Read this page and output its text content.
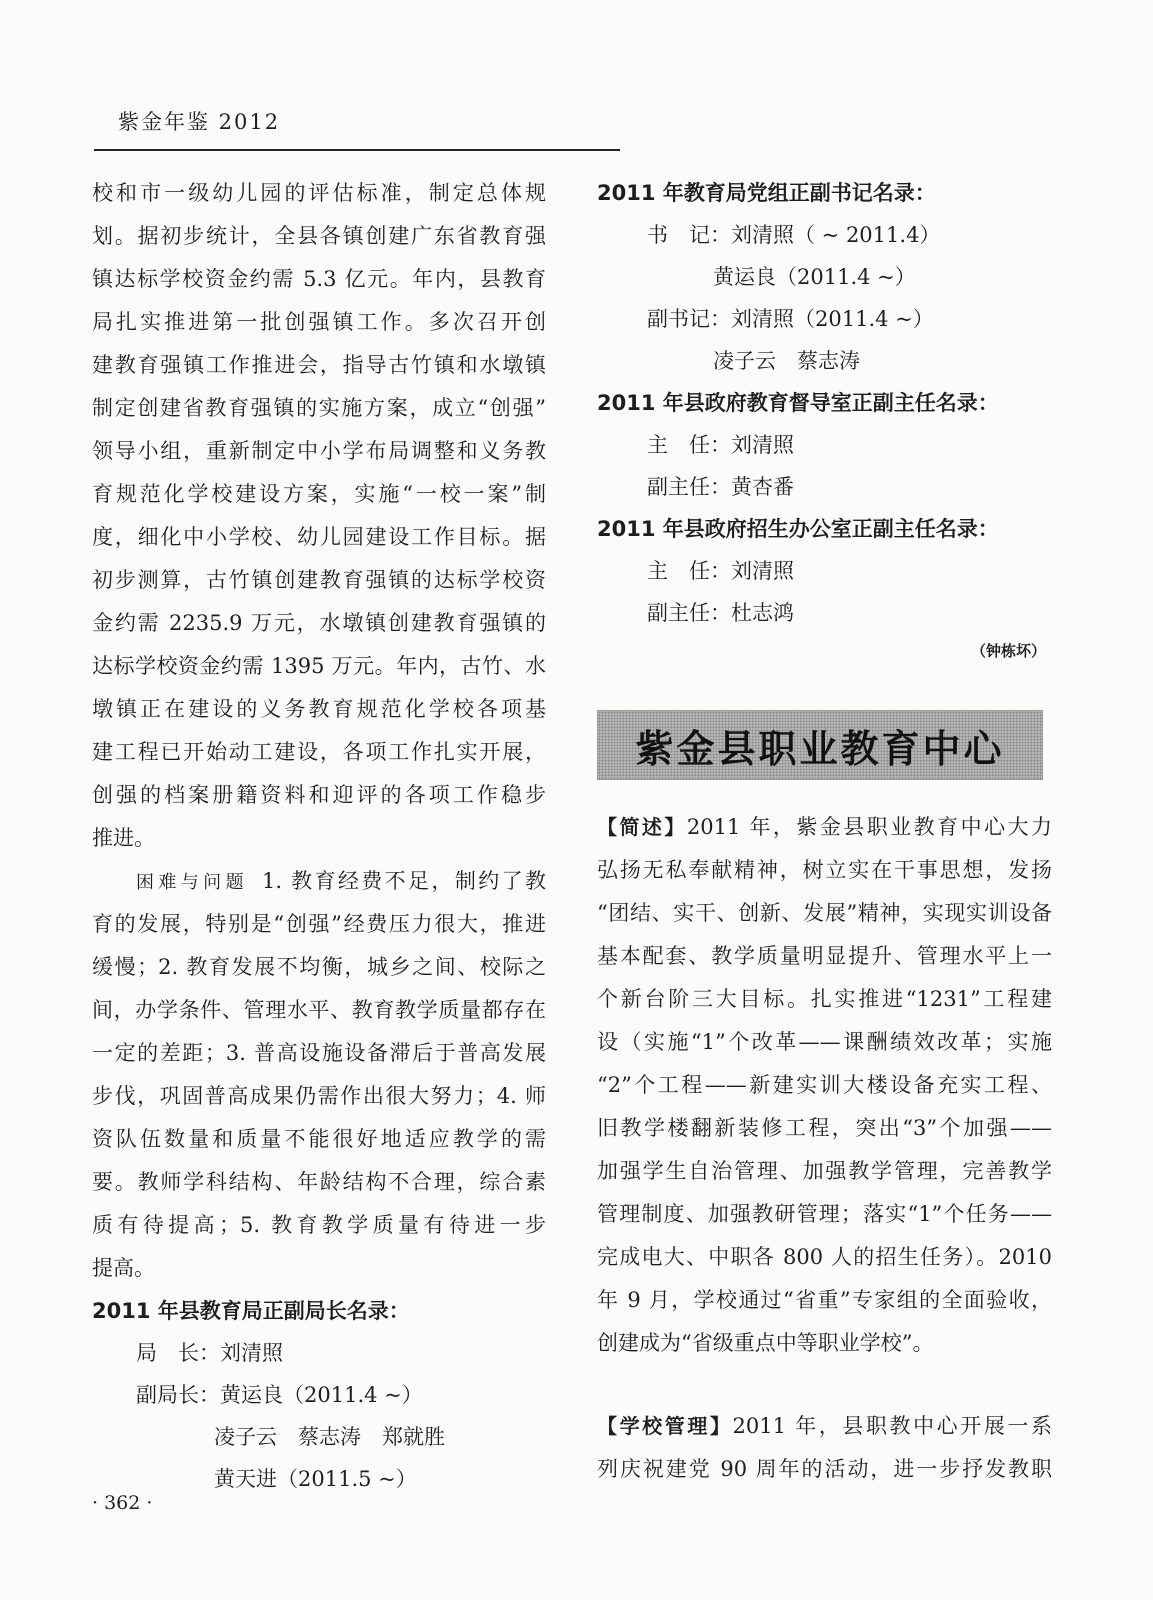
紫金年鉴 2012
校和市一级幼儿园的评估标准，制定总体规
划。据初步统计，全县各镇创建广东省教育强
镇达标学校资金约需 5.3 亿元。年内，县教育
局扎实推进第一批创强镇工作。多次召开创
建教育强镇工作推进会，指导古竹镇和水墩镇
制定创建省教育强镇的实施方案，成立“创强”
领导小组，重新制定中小学布局调整和义务教
育规范化学校建设方案，实施“一校一案”制
度，细化中小学校、幼儿园建设工作目标。据
初步测算，古竹镇创建教育强镇的达标学校资
金约需 2235.9 万元，水墩镇创建教育强镇的
达标学校资金约需 1395 万元。年内，古竹、水
墩镇正在建设的义务教育规范化学校各项基
建工程已开始动工建设，各项工作扎实开展，
创强的档案册籍资料和迎评的各项工作稳步
推进。
困难与问题 1. 教育经费不足，制约了教
育的发展，特别是“创强”经费压力很大，推进
缓慢；2. 教育发展不均衡，城乡之间、校际之
间，办学条件、管理水平、教育教学质量都存在
一定的差距；3. 普高设施设备滞后于普高发展
步伐，巩固普高成果仍需作出很大努力；4. 师
资队伍数量和质量不能很好地适应教学的需
要。教师学科结构、年龄结构不合理，综合素
质有待提高；5. 教育教学质量有待进一步
提高。
2011 年县教育局正副局长名录：
局　长：刘清照
副局长：黄运良（2011.4 ~）
凌子云　蔡志涛　郑就胜
黄天进（2011.5 ~）
2011 年教育局党组正副书记名录：
书　记：刘清照（ ~ 2011.4）
黄运良（2011.4 ~）
副书记：刘清照（2011.4 ~）
凌子云　蔡志涛
2011 年县政府教育督导室正副主任名录：
主　任：刘清照
副主任：黄杏番
2011 年县政府招生办公室正副主任名录：
主　任：刘清照
副主任：杜志鸿
（钟栋坏）
紫金县职业教育中心
【简述】2011 年，紫金县职业教育中心大力
弘扬无私奉献精神，树立实在干事思想，发扬
“团结、实干、创新、发展”精神，实现实训设备
基本配套、教学质量明显提升、管理水平上一
个新台阶三大目标。扎实推进“1231”工程建
设（实施“1”个改革——课酬绩效改革；实施
“2”个工程——新建实训大楼设备充实工程、
旧教学楼翻新装修工程，突出“3”个加强——
加强学生自治管理、加强教学管理，完善教学
管理制度、加强教研管理；落实“1”个任务——
完成电大、中职各 800 人的招生任务）。2010
年 9 月，学校通过“省重”专家组的全面验收，
创建成为“省级重点中等职业学校”。
【学校管理】2011 年，县职教中心开展一系
列庆祝建党 90 周年的活动，进一步抒发教职
· 362 ·
